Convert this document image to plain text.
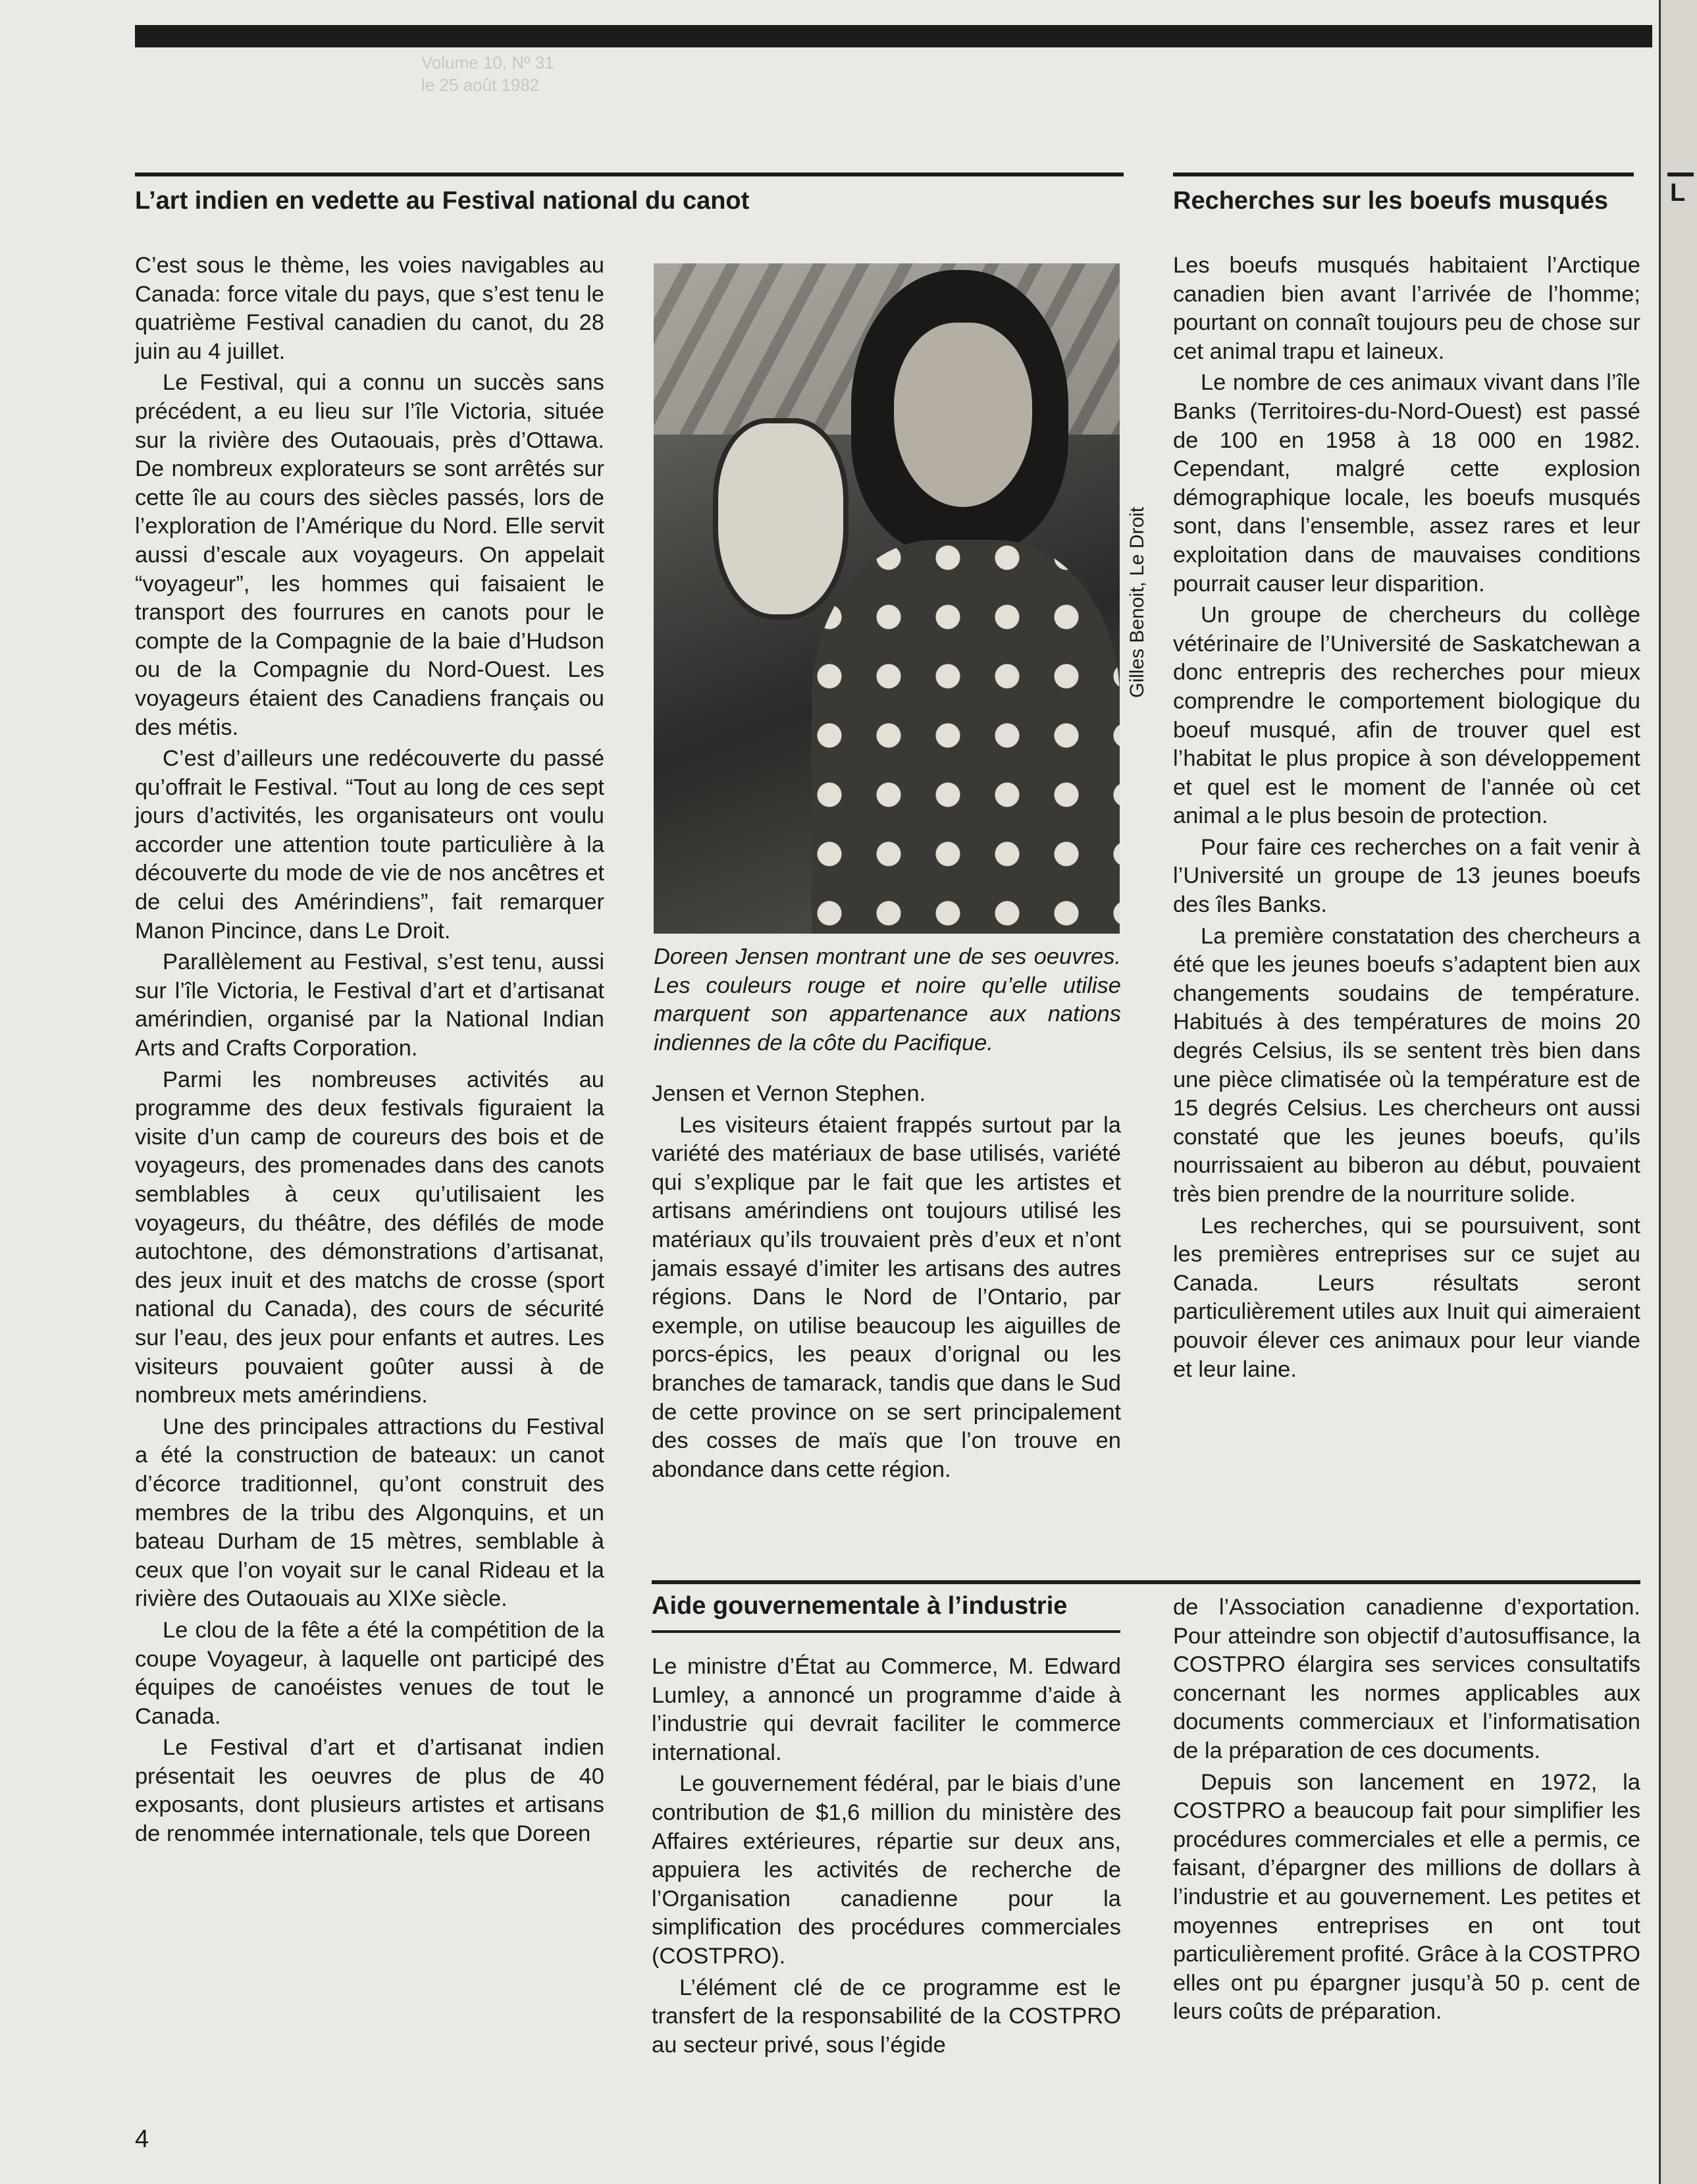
Volume 10, Nº 31
le 25 août 1982
L’art indien en vedette au Festival national du canot

C’est sous le thème, les voies navigables au Canada: force vitale du pays, que s’est tenu le quatrième Festival canadien du canot, du 28 juin au 4 juillet.

Le Festival, qui a connu un succès sans précédent, a eu lieu sur l’île Victoria, située sur la rivière des Outaouais, près d’Ottawa. De nombreux explorateurs se sont arrêtés sur cette île au cours des siècles passés, lors de l’exploration de l’Amérique du Nord. Elle servit aussi d’escale aux voyageurs. On appelait “voyageur”, les hommes qui faisaient le transport des fourrures en canots pour le compte de la Compagnie de la baie d’Hudson ou de la Compagnie du Nord-Ouest. Les voyageurs étaient des Canadiens français ou des métis.

C’est d’ailleurs une redécouverte du passé qu’offrait le Festival. “Tout au long de ces sept jours d’activités, les organisateurs ont voulu accorder une attention toute particulière à la découverte du mode de vie de nos ancêtres et de celui des Amérindiens”, fait remarquer Manon Pincince, dans Le Droit.

Parallèlement au Festival, s’est tenu, aussi sur l’île Victoria, le Festival d’art et d’artisanat amérindien, organisé par la National Indian Arts and Crafts Corporation.

Parmi les nombreuses activités au programme des deux festivals figuraient la visite d’un camp de coureurs des bois et de voyageurs, des promenades dans des canots semblables à ceux qu’utilisaient les voyageurs, du théâtre, des défilés de mode autochtone, des démonstrations d’artisanat, des jeux inuit et des matchs de crosse (sport national du Canada), des cours de sécurité sur l’eau, des jeux pour enfants et autres. Les visiteurs pouvaient goûter aussi à de nombreux mets amérindiens.

Une des principales attractions du Festival a été la construction de bateaux: un canot d’écorce traditionnel, qu’ont construit des membres de la tribu des Algonquins, et un bateau Durham de 15 mètres, semblable à ceux que l’on voyait sur le canal Rideau et la rivière des Outaouais au XIXe siècle.

Le clou de la fête a été la compétition de la coupe Voyageur, à laquelle ont participé des équipes de canoéistes venues de tout le Canada.

Le Festival d’art et d’artisanat indien présentait les oeuvres de plus de 40 exposants, dont plusieurs artistes et artisans de renommée internationale, tels que Doreen

Gilles Benoit, Le Droit
Doreen Jensen montrant une de ses oeuvres. Les couleurs rouge et noire qu’elle utilise marquent son appartenance aux nations indiennes de la côte du Pacifique.

Jensen et Vernon Stephen.

Les visiteurs étaient frappés surtout par la variété des matériaux de base utilisés, variété qui s’explique par le fait que les artistes et artisans amérindiens ont toujours utilisé les matériaux qu’ils trouvaient près d’eux et n’ont jamais essayé d’imiter les artisans des autres régions. Dans le Nord de l’Ontario, par exemple, on utilise beaucoup les aiguilles de porcs-épics, les peaux d’orignal ou les branches de tamarack, tandis que dans le Sud de cette province on se sert principalement des cosses de maïs que l’on trouve en abondance dans cette région.

Recherches sur les boeufs musqués

Les boeufs musqués habitaient l’Arctique canadien bien avant l’arrivée de l’homme; pourtant on connaît toujours peu de chose sur cet animal trapu et laineux.

Le nombre de ces animaux vivant dans l’île Banks (Territoires-du-Nord-Ouest) est passé de 100 en 1958 à 18 000 en 1982. Cependant, malgré cette explosion démographique locale, les boeufs musqués sont, dans l’ensemble, assez rares et leur exploitation dans de mauvaises conditions pourrait causer leur disparition.

Un groupe de chercheurs du collège vétérinaire de l’Université de Saskatchewan a donc entrepris des recherches pour mieux comprendre le comportement biologique du boeuf musqué, afin de trouver quel est l’habitat le plus propice à son développement et quel est le moment de l’année où cet animal a le plus besoin de protection.

Pour faire ces recherches on a fait venir à l’Université un groupe de 13 jeunes boeufs des îles Banks.

La première constatation des chercheurs a été que les jeunes boeufs s’adaptent bien aux changements soudains de température. Habitués à des températures de moins 20 degrés Celsius, ils se sentent très bien dans une pièce climatisée où la température est de 15 degrés Celsius. Les chercheurs ont aussi constaté que les jeunes boeufs, qu’ils nourrissaient au biberon au début, pouvaient très bien prendre de la nourriture solide.

Les recherches, qui se poursuivent, sont les premières entreprises sur ce sujet au Canada. Leurs résultats seront particulièrement utiles aux Inuit qui aimeraient pouvoir élever ces animaux pour leur viande et leur laine.

Aide gouvernementale à l’industrie

Le ministre d’État au Commerce, M. Edward Lumley, a annoncé un programme d’aide à l’industrie qui devrait faciliter le commerce international.

Le gouvernement fédéral, par le biais d’une contribution de $1,6 million du ministère des Affaires extérieures, répartie sur deux ans, appuiera les activités de recherche de l’Organisation canadienne pour la simplification des procédures commerciales (COSTPRO).

L’élément clé de ce programme est le transfert de la responsabilité de la COSTPRO au secteur privé, sous l’égide

de l’Association canadienne d’exportation. Pour atteindre son objectif d’autosuffisance, la COSTPRO élargira ses services consultatifs concernant les normes applicables aux documents commerciaux et l’informatisation de la préparation de ces documents.

Depuis son lancement en 1972, la COSTPRO a beaucoup fait pour simplifier les procédures commerciales et elle a permis, ce faisant, d’épargner des millions de dollars à l’industrie et au gouvernement. Les petites et moyennes entreprises en ont tout particulièrement profité. Grâce à la COSTPRO elles ont pu épargner jusqu’à 50 p. cent de leurs coûts de préparation.

4
L
